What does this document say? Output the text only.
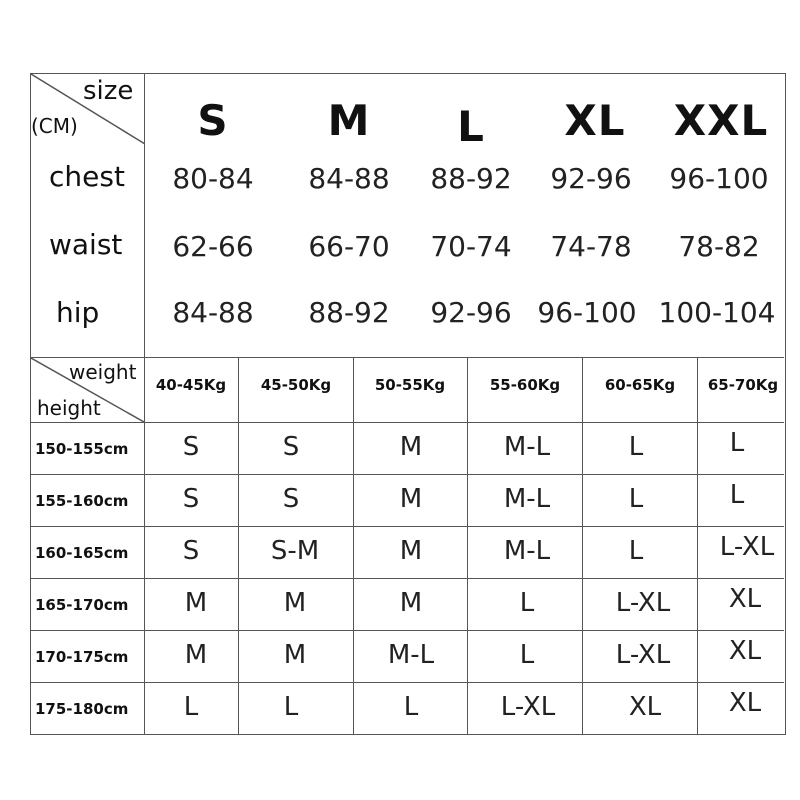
size
(CM)	S M L XL XXL
chest 80-84 84-88 88-92 92-96 96-100
waist 62-66 66-70 70-74 74-78 78-82
hip	84-88 88-92 92-96 96-100 100-104
weight
height
40-45Kg 45-50Kg	50-55Kg	55-60Kg	60-65Kg 65-70Kg
150-155cm S	S	M	M-L	L	L
155-160cm S	S	M	M-L	L	L
160-165cm S	S-M	M	M-L	L	L-XL
165-170cm M	M	M	L	L-XL XL
170-175cm M	M	M-L	L	L-XL XL
175-180cm L	L	L	L-XL	XL	XL
